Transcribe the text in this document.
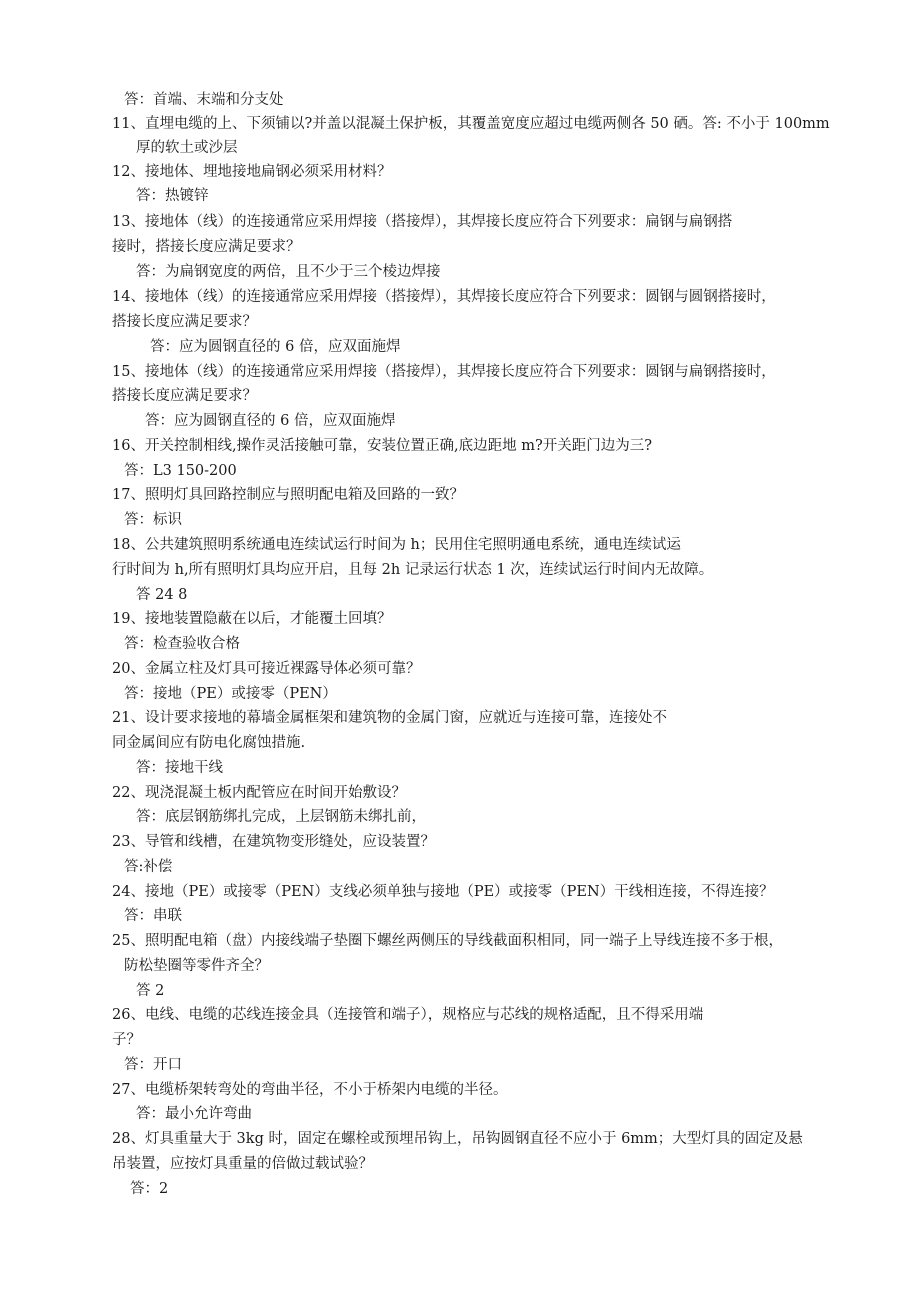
答：首端、末端和分支处
11、直埋电缆的上、下须铺以?并盖以混凝土保护板，其覆盖宽度应超过电缆两侧各 50 硒。答: 不小于 100mm
厚的软土或沙层
12、接地体、埋地接地扁钢必须采用材料？
答：热镀锌
13、接地体（线）的连接通常应采用焊接（搭接焊），其焊接长度应符合下列要求：扁钢与扁钢搭
接时，搭接长度应满足要求？
答：为扁钢宽度的两倍，且不少于三个棱边焊接
14、接地体（线）的连接通常应采用焊接（搭接焊），其焊接长度应符合下列要求：圆钢与圆钢搭接时，
搭接长度应满足要求？
答：应为圆钢直径的 6 倍，应双面施焊
15、接地体（线）的连接通常应采用焊接（搭接焊），其焊接长度应符合下列要求：圆钢与扁钢搭接时，
搭接长度应满足要求？
答：应为圆钢直径的 6 倍，应双面施焊
16、开关控制相线,操作灵活接触可靠，安装位置正确,底边距地 m?开关距门边为三?
答：L3 150-200
17、照明灯具回路控制应与照明配电箱及回路的一致？
答：标识
18、公共建筑照明系统通电连续试运行时间为 h；民用住宅照明通电系统，通电连续试运
行时间为 h,所有照明灯具均应开启，且每 2h 记录运行状态 1 次，连续试运行时间内无故障。
答 24 8
19、接地装置隐蔽在以后，才能覆土回填？
答：检查验收合格
20、金属立柱及灯具可接近裸露导体必须可靠？
答：接地（PE）或接零（PEN）
21、设计要求接地的幕墙金属框架和建筑物的金属门窗，应就近与连接可靠，连接处不
同金属间应有防电化腐蚀措施.
答：接地干线
22、现浇混凝土板内配管应在时间开始敷设？
答：底层钢筋绑扎完成，上层钢筋未绑扎前，
23、导管和线槽，在建筑物变形缝处，应设装置？
答:补偿
24、接地（PE）或接零（PEN）支线必须单独与接地（PE）或接零（PEN）干线相连接，不得连接？
答：串联
25、照明配电箱（盘）内接线端子垫圈下螺丝两侧压的导线截面积相同，同一端子上导线连接不多于根，
防松垫圈等零件齐全？
答 2
26、电线、电缆的芯线连接金具（连接管和端子），规格应与芯线的规格适配，且不得采用端
子？
答：开口
27、电缆桥架转弯处的弯曲半径，不小于桥架内电缆的半径。
答：最小允许弯曲
28、灯具重量大于 3kg 时，固定在螺栓或预埋吊钩上，吊钩圆钢直径不应小于 6mm；大型灯具的固定及悬
吊装置，应按灯具重量的倍做过载试验？
答：2
